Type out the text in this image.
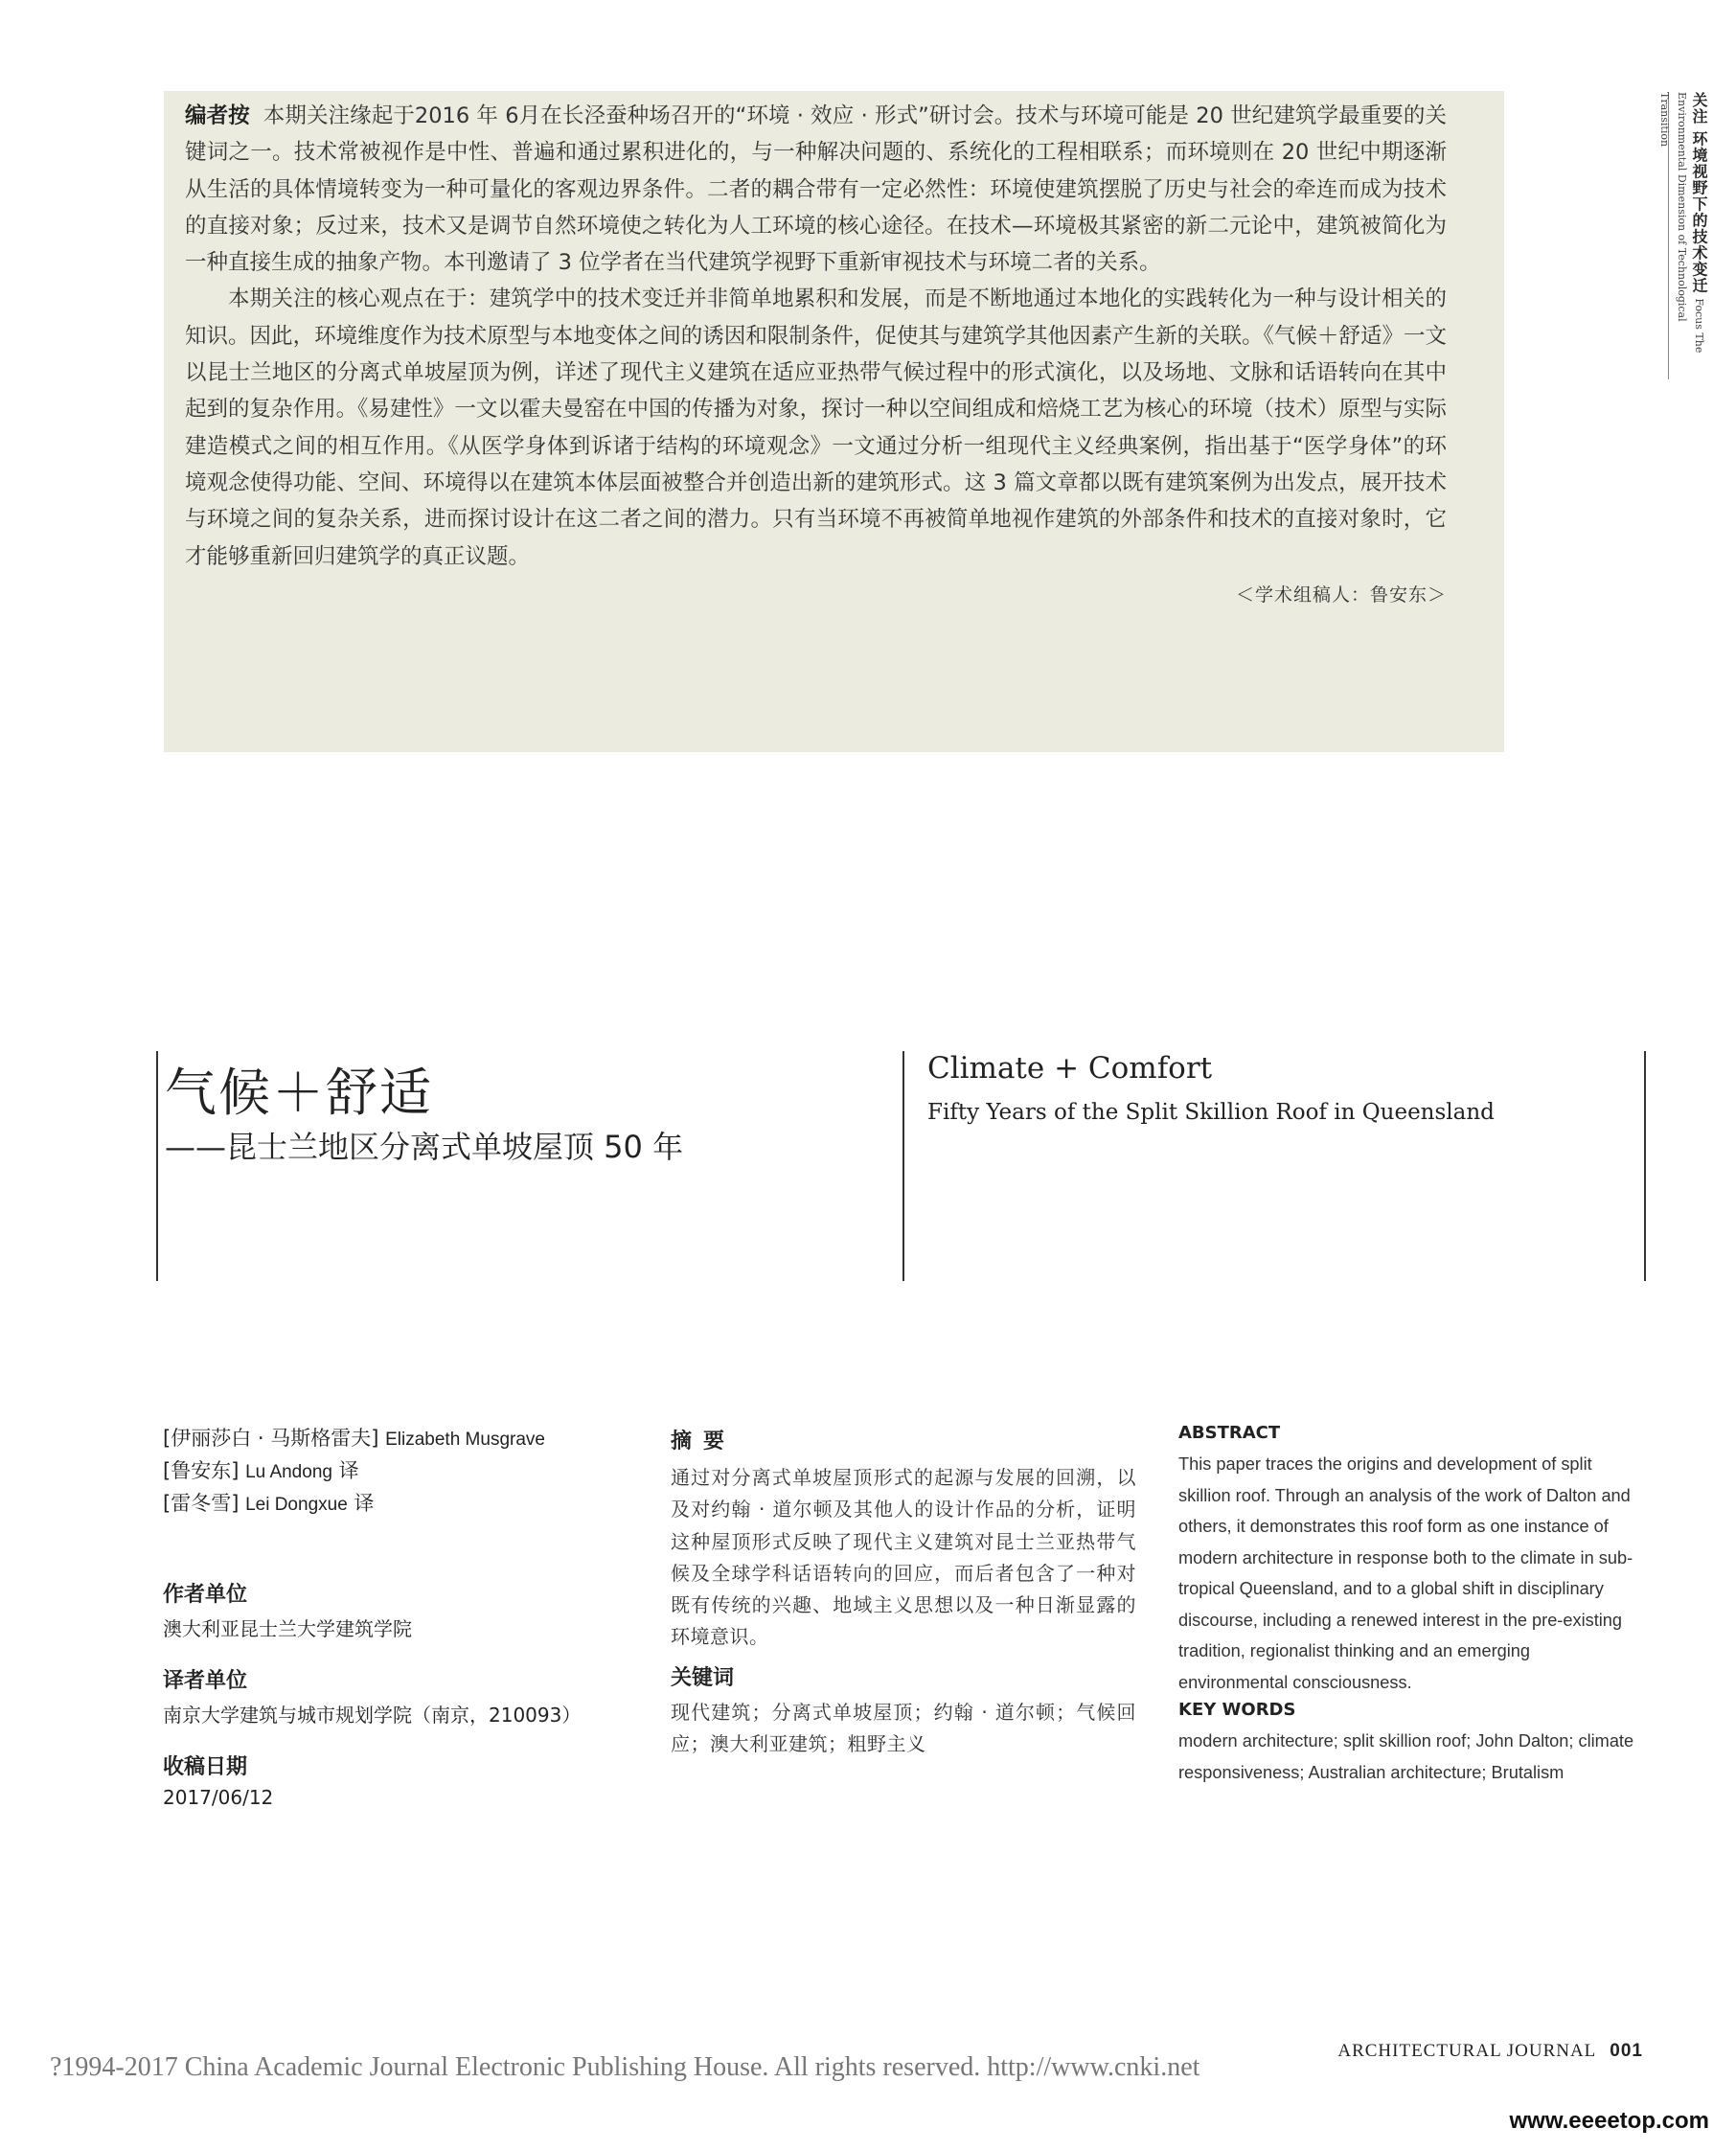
编者按 本期关注缘起于2016 年 6月在长泾蚕种场召开的“环境 · 效应 · 形式”研讨会。技术与环境可能是 20 世纪建筑学最重要的关键词之一。技术常被视作是中性、普遍和通过累积进化的，与一种解决问题的、系统化的工程相联系；而环境则在 20 世纪中期逐渐从生活的具体情境转变为一种可量化的客观边界条件。二者的耦合带有一定必然性：环境使建筑摆脱了历史与社会的牵连而成为技术的直接对象；反过来，技术又是调节自然环境使之转化为人工环境的核心途径。在技术—环境极其紧密的新二元论中，建筑被简化为一种直接生成的抽象产物。本刊邀请了 3 位学者在当代建筑学视野下重新审视技术与环境二者的关系。

本期关注的核心观点在于：建筑学中的技术变迁并非简单地累积和发展，而是不断地通过本地化的实践转化为一种与设计相关的知识。因此，环境维度作为技术原型与本地变体之间的诱因和限制条件，促使其与建筑学其他因素产生新的关联。《气候＋舒适》一文以昆士兰地区的分离式单坡屋顶为例，详述了现代主义建筑在适应亚热带气候过程中的形式演化，以及场地、文脉和话语转向在其中起到的复杂作用。《易建性》一文以霍夫曼窑在中国的传播为对象，探讨一种以空间组成和焙烧工艺为核心的环境（技术）原型与实际建造模式之间的相互作用。《从医学身体到诉诸于结构的环境观念》一文通过分析一组现代主义经典案例，指出基于“医学身体”的环境观念使得功能、空间、环境得以在建筑本体层面被整合并创造出新的建筑形式。这 3 篇文章都以既有建筑案例为出发点，展开技术与环境之间的复杂关系，进而探讨设计在这二者之间的潜力。只有当环境不再被简单地视作建筑的外部条件和技术的直接对象时，它才能够重新回归建筑学的真正议题。

＜学术组稿人：鲁安东＞
关注 环境视野下的技术变迁 Focus The Environmental Dimension of Technological Transition
气候＋舒适
——昆士兰地区分离式单坡屋顶 50 年
Climate + Comfort
Fifty Years of the Split Skillion Roof in Queensland
[伊丽莎白 · 马斯格雷夫] Elizabeth Musgrave
[鲁安东] Lu Andong 译
[雷冬雪] Lei Dongxue 译

作者单位

澳大利亚昆士兰大学建筑学院

译者单位

南京大学建筑与城市规划学院（南京，210093）

收稿日期

2017/06/12

摘要

通过对分离式单坡屋顶形式的起源与发展的回溯，以及对约翰 · 道尔顿及其他人的设计作品的分析，证明这种屋顶形式反映了现代主义建筑对昆士兰亚热带气候及全球学科话语转向的回应，而后者包含了一种对既有传统的兴趣、地域主义思想以及一种日渐显露的环境意识。

关键词

现代建筑；分离式单坡屋顶；约翰 · 道尔顿；气候回应；澳大利亚建筑；粗野主义

ABSTRACT

This paper traces the origins and development of split skillion roof. Through an analysis of the work of Dalton and others, it demonstrates this roof form as one instance of modern architecture in response both to the climate in sub-tropical Queensland, and to a global shift in disciplinary discourse, including a renewed interest in the pre-existing tradition, regionalist thinking and an emerging environmental consciousness.

KEY WORDS

modern architecture; split skillion roof; John Dalton; climate responsiveness; Australian architecture; Brutalism

?1994-2017 China Academic Journal Electronic Publishing House. All rights reserved. http://www.cnki.net

ARCHITECTURAL JOURNAL 001

www.eeeetop.com
